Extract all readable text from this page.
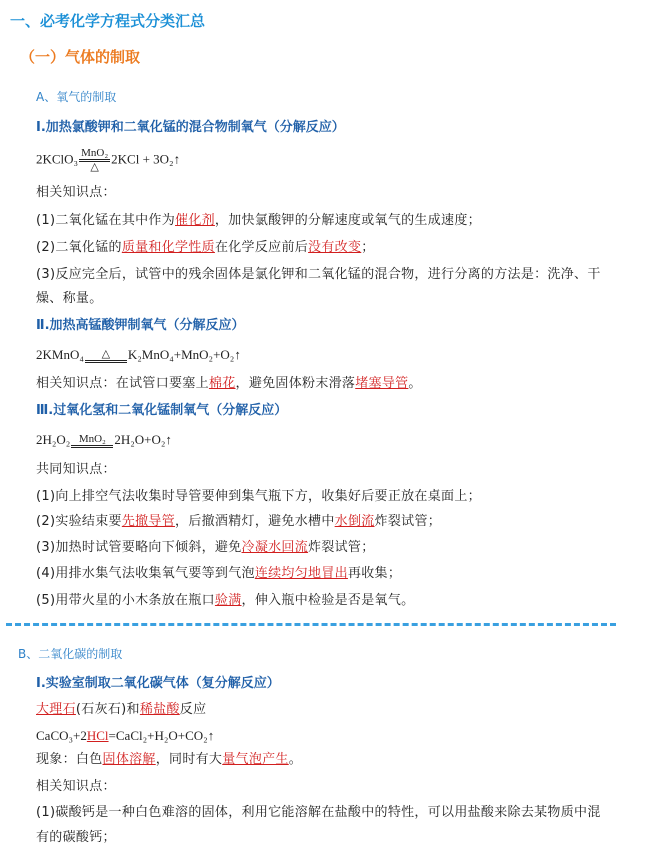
一、必考化学方程式分类汇总
（一）气体的制取
A、氧气的制取
Ⅰ.加热氯酸钾和二氧化锰的混合物制氧气（分解反应）
2KClO₃ $\frac{\text{MnO₂}}{\triangle} 2KCl$ + 3O₂↑
相关知识点：
(1)二氧化锰在其中作为催化剂，加快氯酸钾的分解速度或氧气的生成速度；
(2)二氧化锰的质量和化学性质在化学反应前后没有改变；
(3)反应完全后，试管中的残余固体是氯化钾和二氧化锰的混合物，进行分离的方法是：洗净、干
燥、称量。
Ⅱ.加热高锰酸钾制氧气（分解反应）
2KMnO₄	△	K₂MnO₄+MnO₂+O₂↑
相关知识点：在试管口要塞上棉花，避免固体粉末滑落堵塞导管。
Ⅲ.过氧化氢和二氧化锰制氧气（分解反应）
2H₂O₂ MnO₂ 2H₂O+O₂↑
共同知识点：
(1)向上排空气法收集时导管要伸到集气瓶下方，收集好后要正放在桌面上；
(2)实验结束要先撤导管，后撤酒精灯，避免水槽中水倒流炸裂试管；
(3)加热时试管要略向下倾斜，避免冷凝水回流炸裂试管；
(4)用排水集气法收集氧气要等到气泡连续均匀地冒出再收集；
(5)用带火星的小木条放在瓶口验满，伸入瓶中检验是否是氧气。
B、二氧化碳的制取
Ⅰ.实验室制取二氧化碳气体（复分解反应）
大理石(石灰石)和稀盐酸反应
CaCO₃+2HCl=CaCl₂+H₂O+CO₂↑
现象：白色固体溶解，同时有大量气泡产生。
相关知识点：
(1)碳酸钙是一种白色难溶的固体，利用它能溶解在盐酸中的特性，可以用盐酸来除去某物质中混
有的碳酸钙；
